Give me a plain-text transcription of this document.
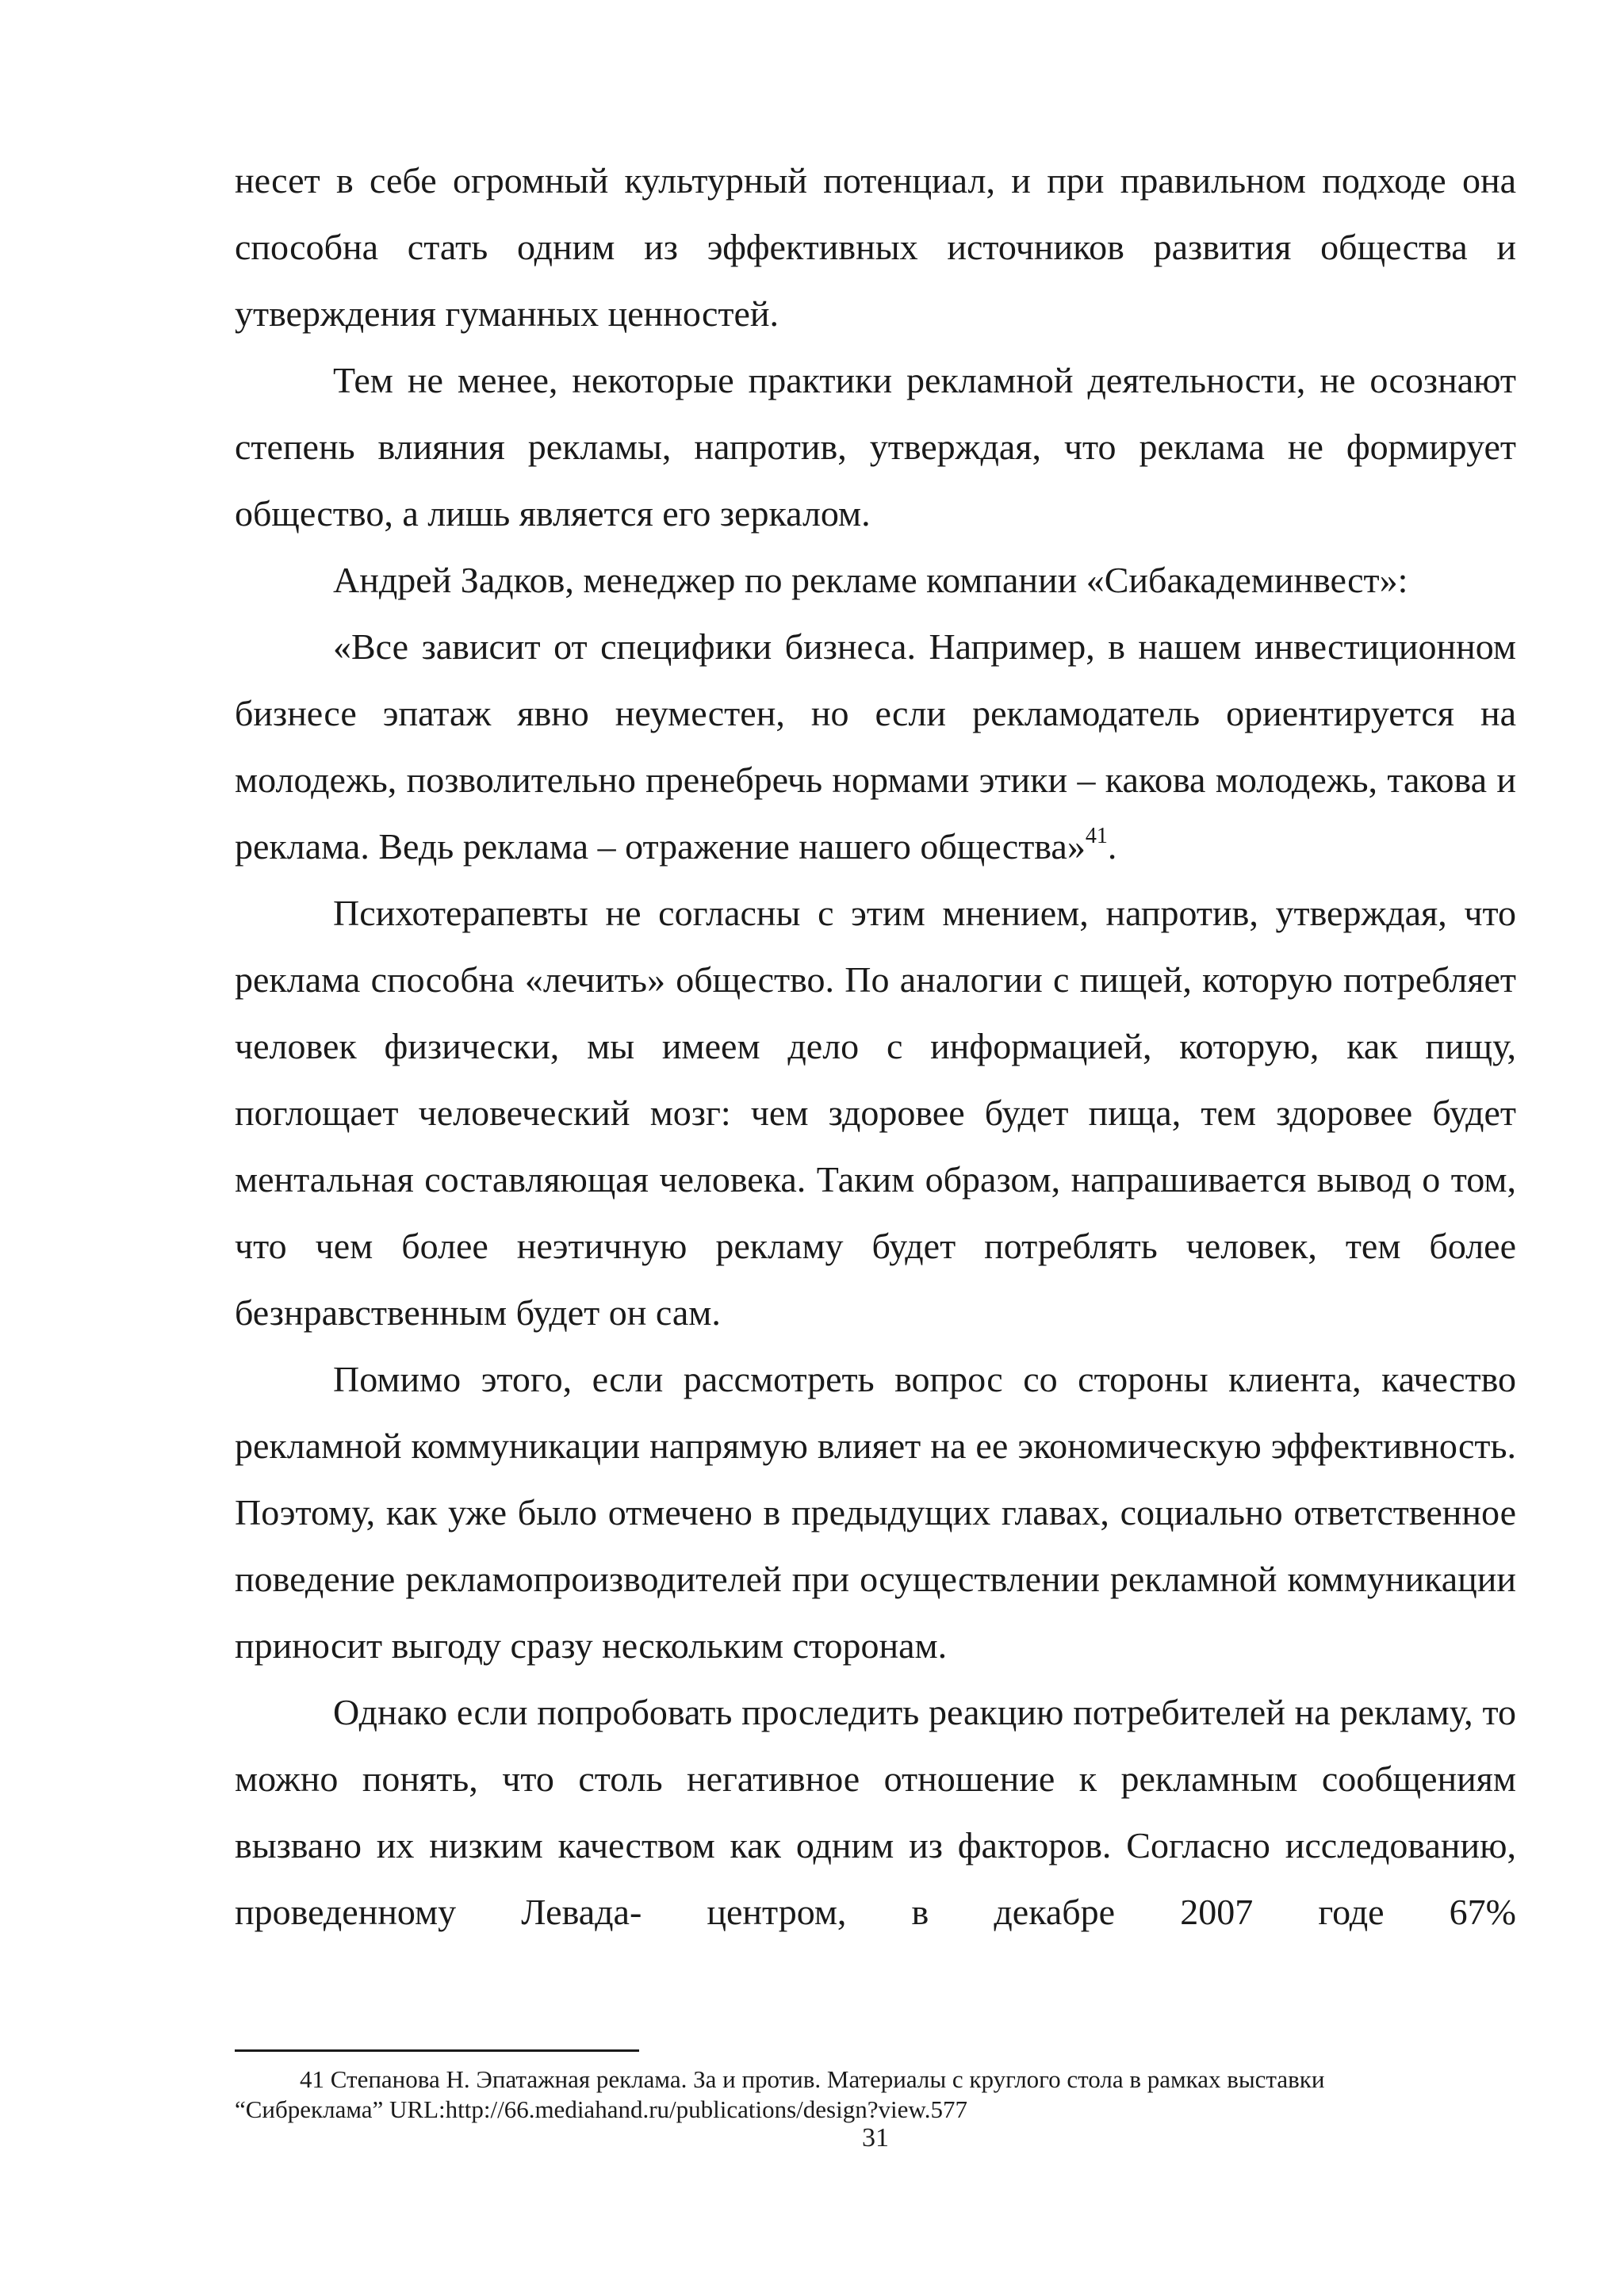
несет в себе огромный культурный потенциал, и при правильном подходе она способна стать одним из эффективных источников развития общества и утверждения гуманных ценностей.

Тем не менее, некоторые практики рекламной деятельности, не осознают степень влияния рекламы, напротив, утверждая, что реклама не формирует общество, а лишь является его зеркалом.

Андрей Задков, менеджер по рекламе компании «Сибакадеминвест»:

«Все зависит от специфики бизнеса. Например, в нашем инвестиционном бизнесе эпатаж явно неуместен, но если рекламодатель ориентируется на молодежь, позволительно пренебречь нормами этики – какова молодежь, такова и реклама. Ведь реклама – отражение нашего общества»$^{41}$.

Психотерапевты не согласны с этим мнением, напротив, утверждая, что реклама способна «лечить» общество. По аналогии с пищей, которую потребляет человек физически, мы имеем дело с информацией, которую, как пищу, поглощает человеческий мозг: чем здоровее будет пища, тем здоровее будет ментальная составляющая человека. Таким образом, напрашивается вывод о том, что чем более неэтичную рекламу будет потреблять человек, тем более безнравственным будет он сам.

Помимо этого, если рассмотреть вопрос со стороны клиента, качество рекламной коммуникации напрямую влияет на ее экономическую эффективность. Поэтому, как уже было отмечено в предыдущих главах, социально ответственное поведение рекламопроизводителей при осуществлении рекламной коммуникации приносит выгоду сразу нескольким сторонам.

Однако если попробовать проследить реакцию потребителей на рекламу, то можно понять, что столь негативное отношение к рекламным сообщениям вызвано их низким качеством как одним из факторов. Согласно исследованию, проведенному Левада- центром, в декабре 2007 годе 67%

41 Степанова Н. Эпатажная реклама. За и против. Материалы с круглого стола в рамках выставки

“Сибреклама” URL:http://66.mediahand.ru/publications/design?view.577

31
